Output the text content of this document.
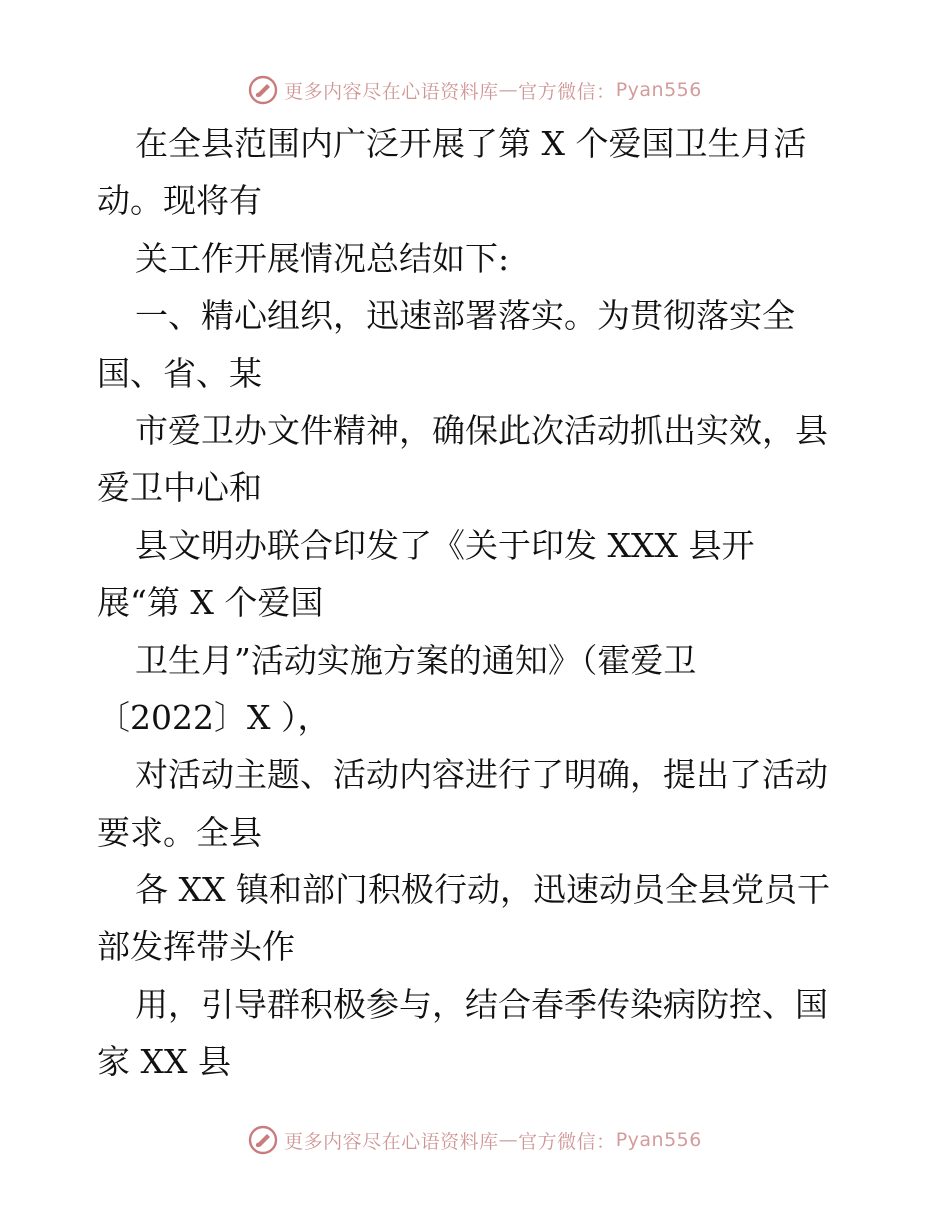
更多内容尽在心语资料库 — 官方微信： Pyan556
在全县范围内广泛开展了第 X 个爱国卫生月活
动。现将有
关工作开展情况总结如下:
一、精心组织，迅速部署落实。为贯彻落实全
国、省、某
市爱卫办文件精神，确保此次活动抓出实效，县
爱卫中心和
县文明办联合印发了《关于印发 XXX 县开
展“第 X 个爱国
卫生月”活动实施方案的通知》（霍爱卫
〔2022〕X ），
对活动主题、活动内容进行了明确，提出了活动
要求。全县
各 XX 镇和部门积极行动，迅速动员全县党员干
部发挥带头作
用，引导群积极参与，结合春季传染病防控、国
家 XX 县
更多内容尽在心语资料库 — 官方微信： Pyan556
